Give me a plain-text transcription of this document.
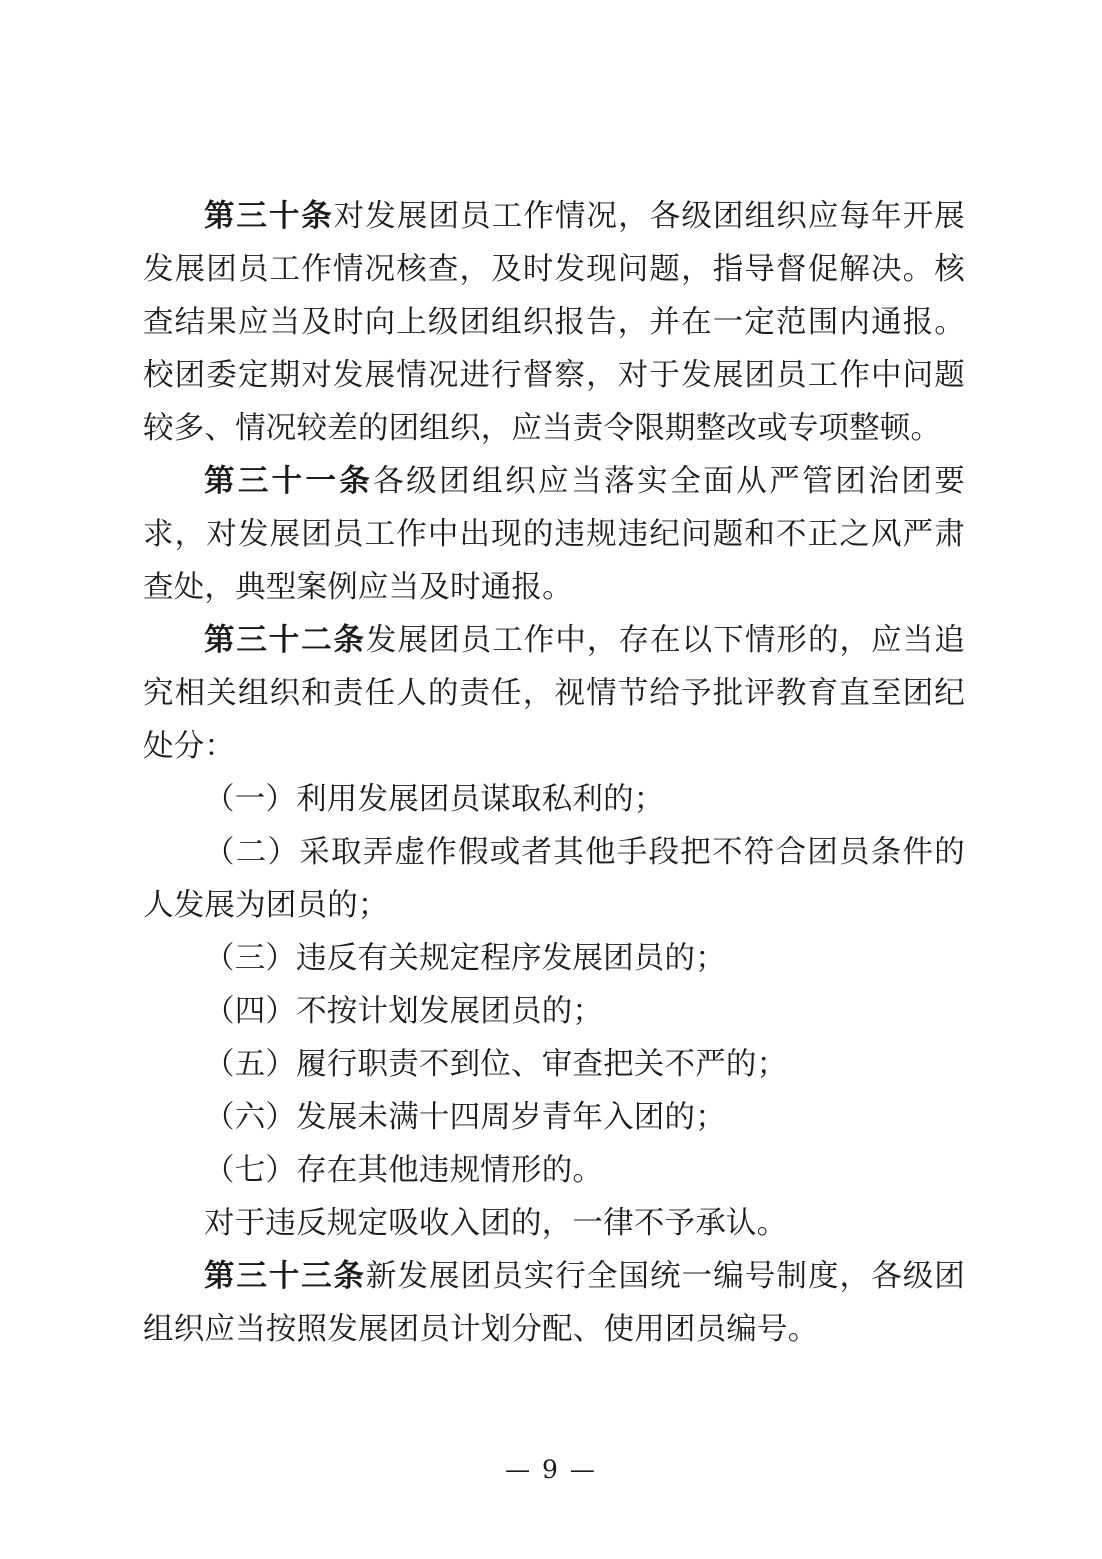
第三十条对发展团员工作情况，各级团组织应每年开展发展团员工作情况核查，及时发现问题，指导督促解决。核查结果应当及时向上级团组织报告，并在一定范围内通报。校团委定期对发展情况进行督察，对于发展团员工作中问题较多、情况较差的团组织，应当责令限期整改或专项整顿。

第三十一条各级团组织应当落实全面从严管团治团要求，对发展团员工作中出现的违规违纪问题和不正之风严肃查处，典型案例应当及时通报。

第三十二条发展团员工作中，存在以下情形的，应当追究相关组织和责任人的责任，视情节给予批评教育直至团纪处分：

（一）利用发展团员谋取私利的；

（二）采取弄虚作假或者其他手段把不符合团员条件的人发展为团员的；

（三）违反有关规定程序发展团员的；

（四）不按计划发展团员的；

（五）履行职责不到位、审查把关不严的；

（六）发展未满十四周岁青年入团的；

（七）存在其他违规情形的。

对于违反规定吸收入团的，一律不予承认。

第三十三条新发展团员实行全国统一编号制度，各级团组织应当按照发展团员计划分配、使用团员编号。

— 9 —
